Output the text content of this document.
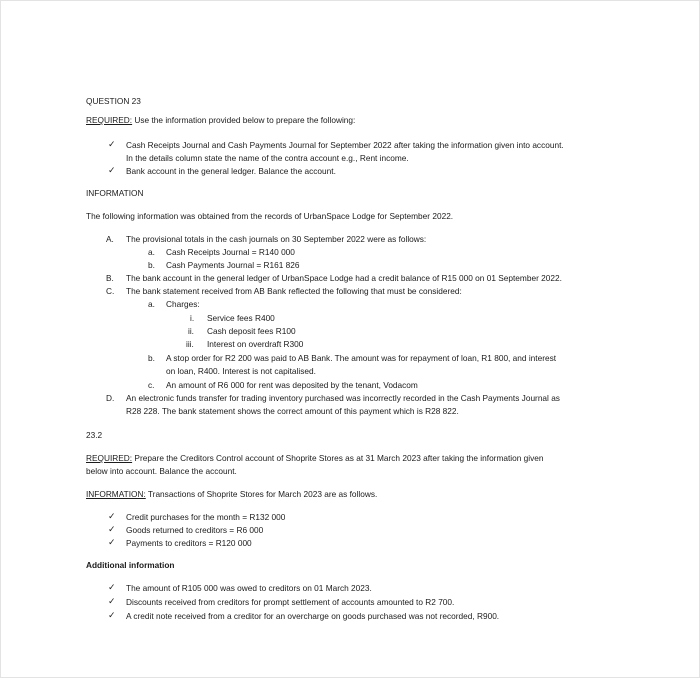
QUESTION 23
REQUIRED: Use the information provided below to prepare the following:
✓ Cash Receipts Journal and Cash Payments Journal for September 2022 after taking the information given into account.
In the details column state the name of the contra account e.g., Rent income.
✓ Bank account in the general ledger. Balance the account.
INFORMATION
The following information was obtained from the records of UrbanSpace Lodge for September 2022.
A. The provisional totals in the cash journals on 30 September 2022 were as follows:
a. Cash Receipts Journal = R140 000
b. Cash Payments Journal = R161 826
B. The bank account in the general ledger of UrbanSpace Lodge had a credit balance of R15 000 on 01 September 2022.
C. The bank statement received from AB Bank reflected the following that must be considered:
a. Charges:
i. Service fees R400
ii. Cash deposit fees R100
iii. Interest on overdraft R300
b. A stop order for R2 200 was paid to AB Bank. The amount was for repayment of loan, R1 800, and interest
on loan, R400. Interest is not capitalised.
c. An amount of R6 000 for rent was deposited by the tenant, Vodacom
D. An electronic funds transfer for trading inventory purchased was incorrectly recorded in the Cash Payments Journal as
R28 228. The bank statement shows the correct amount of this payment which is R28 822.
23.2
REQUIRED: Prepare the Creditors Control account of Shoprite Stores as at 31 March 2023 after taking the information given
below into account. Balance the account.
INFORMATION: Transactions of Shoprite Stores for March 2023 are as follows.
✓ Credit purchases for the month = R132 000
✓ Goods returned to creditors = R6 000
✓ Payments to creditors = R120 000
Additional information
✓ The amount of R105 000 was owed to creditors on 01 March 2023.
✓ Discounts received from creditors for prompt settlement of accounts amounted to R2 700.
✓ A credit note received from a creditor for an overcharge on goods purchased was not recorded, R900.
